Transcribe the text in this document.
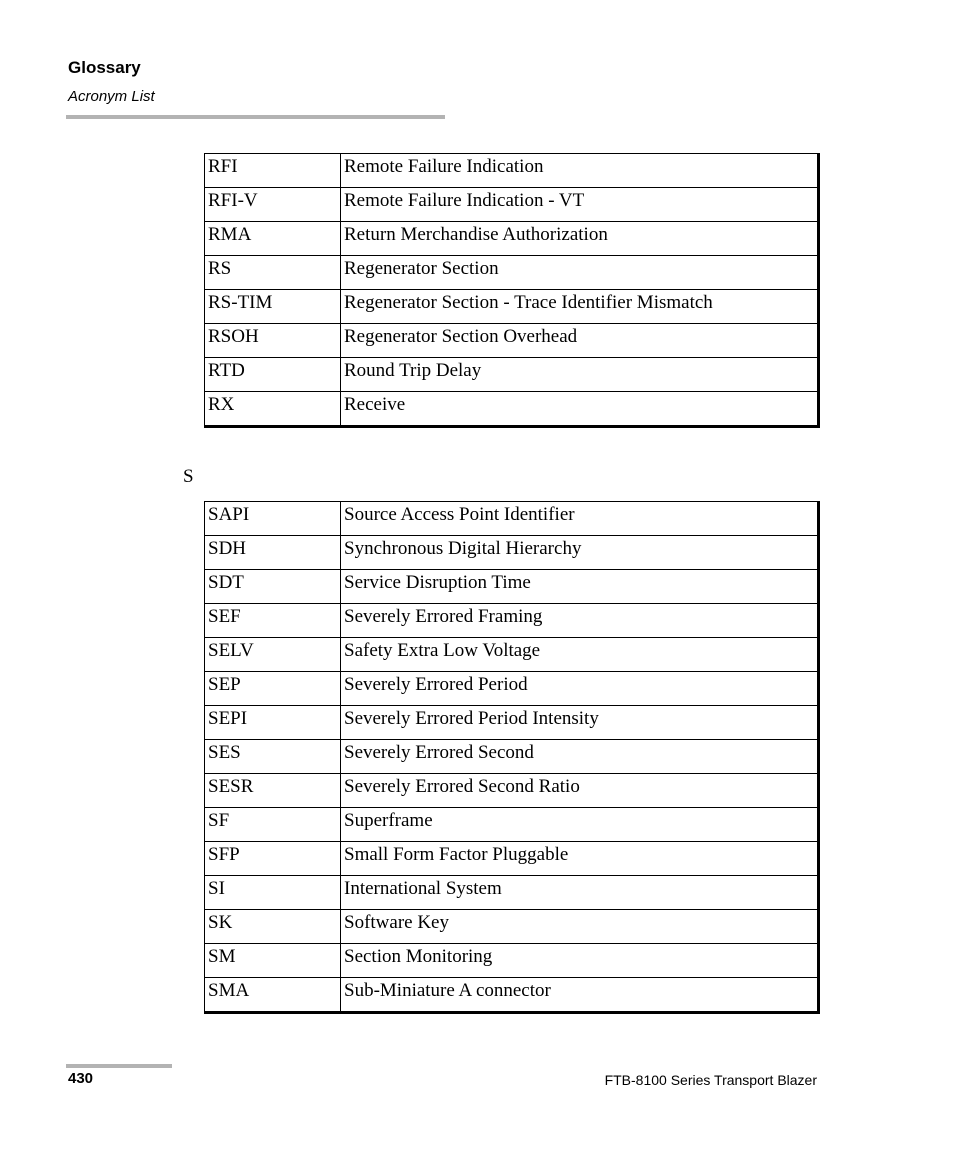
Glossary
Acronym List
RFI	Remote Failure Indication
RFI-V	Remote Failure Indication - VT
RMA	Return Merchandise Authorization
RS	Regenerator Section
RS-TIM	Regenerator Section - Trace Identifier Mismatch
RSOH	Regenerator Section Overhead
RTD	Round Trip Delay
RX	Receive
S
SAPI	Source Access Point Identifier
SDH	Synchronous Digital Hierarchy
SDT	Service Disruption Time
SEF	Severely Errored Framing
SELV	Safety Extra Low Voltage
SEP	Severely Errored Period
SEPI	Severely Errored Period Intensity
SES	Severely Errored Second
SESR	Severely Errored Second Ratio
SF	Superframe
SFP	Small Form Factor Pluggable
SI	International System
SK	Software Key
SM	Section Monitoring
SMA	Sub-Miniature A connector
430	FTB-8100 Series Transport Blazer
